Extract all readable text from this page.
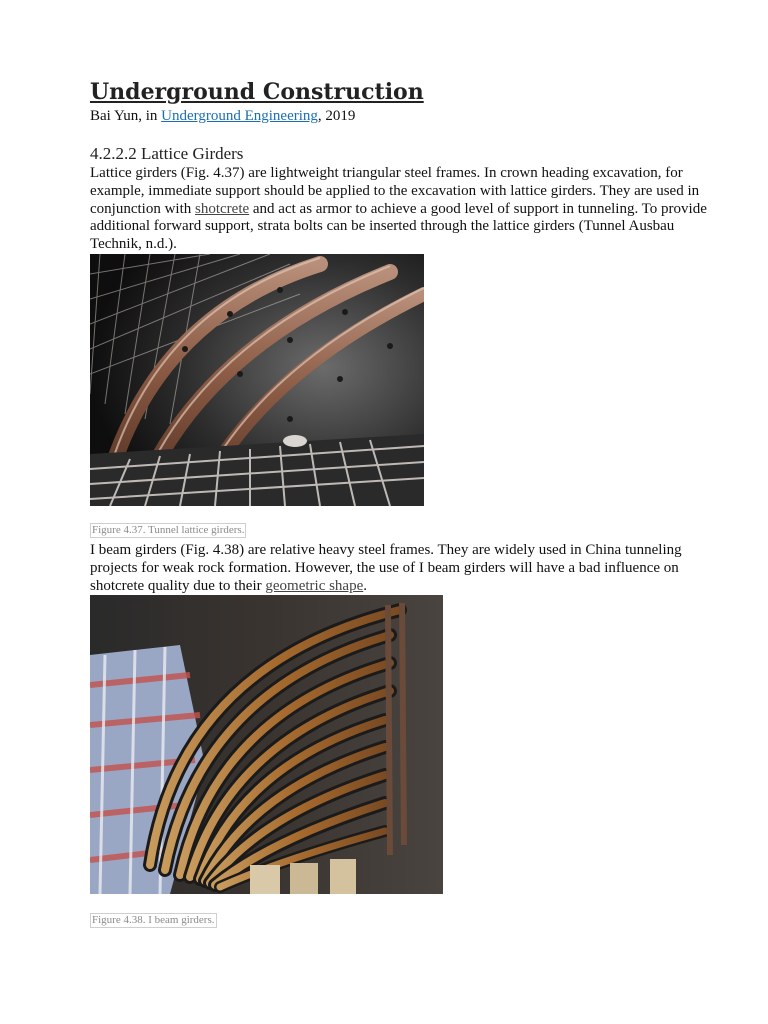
Underground Construction
Bai Yun, in Underground Engineering, 2019
4.2.2.2 Lattice Girders

Lattice girders (Fig. 4.37) are lightweight triangular steel frames. In crown heading excavation, for example, immediate support should be applied to the excavation with lattice girders. They are used in conjunction with shotcrete and act as armor to achieve a good level of support in tunneling. To provide additional forward support, strata bolts can be inserted through the lattice girders (Tunnel Ausbau Technik, n.d.).

Figure 4.37. Tunnel lattice girders.

I beam girders (Fig. 4.38) are relative heavy steel frames. They are widely used in China tunneling projects for weak rock formation. However, the use of I beam girders will have a bad influence on shotcrete quality due to their geometric shape.

Figure 4.38. I beam girders.
